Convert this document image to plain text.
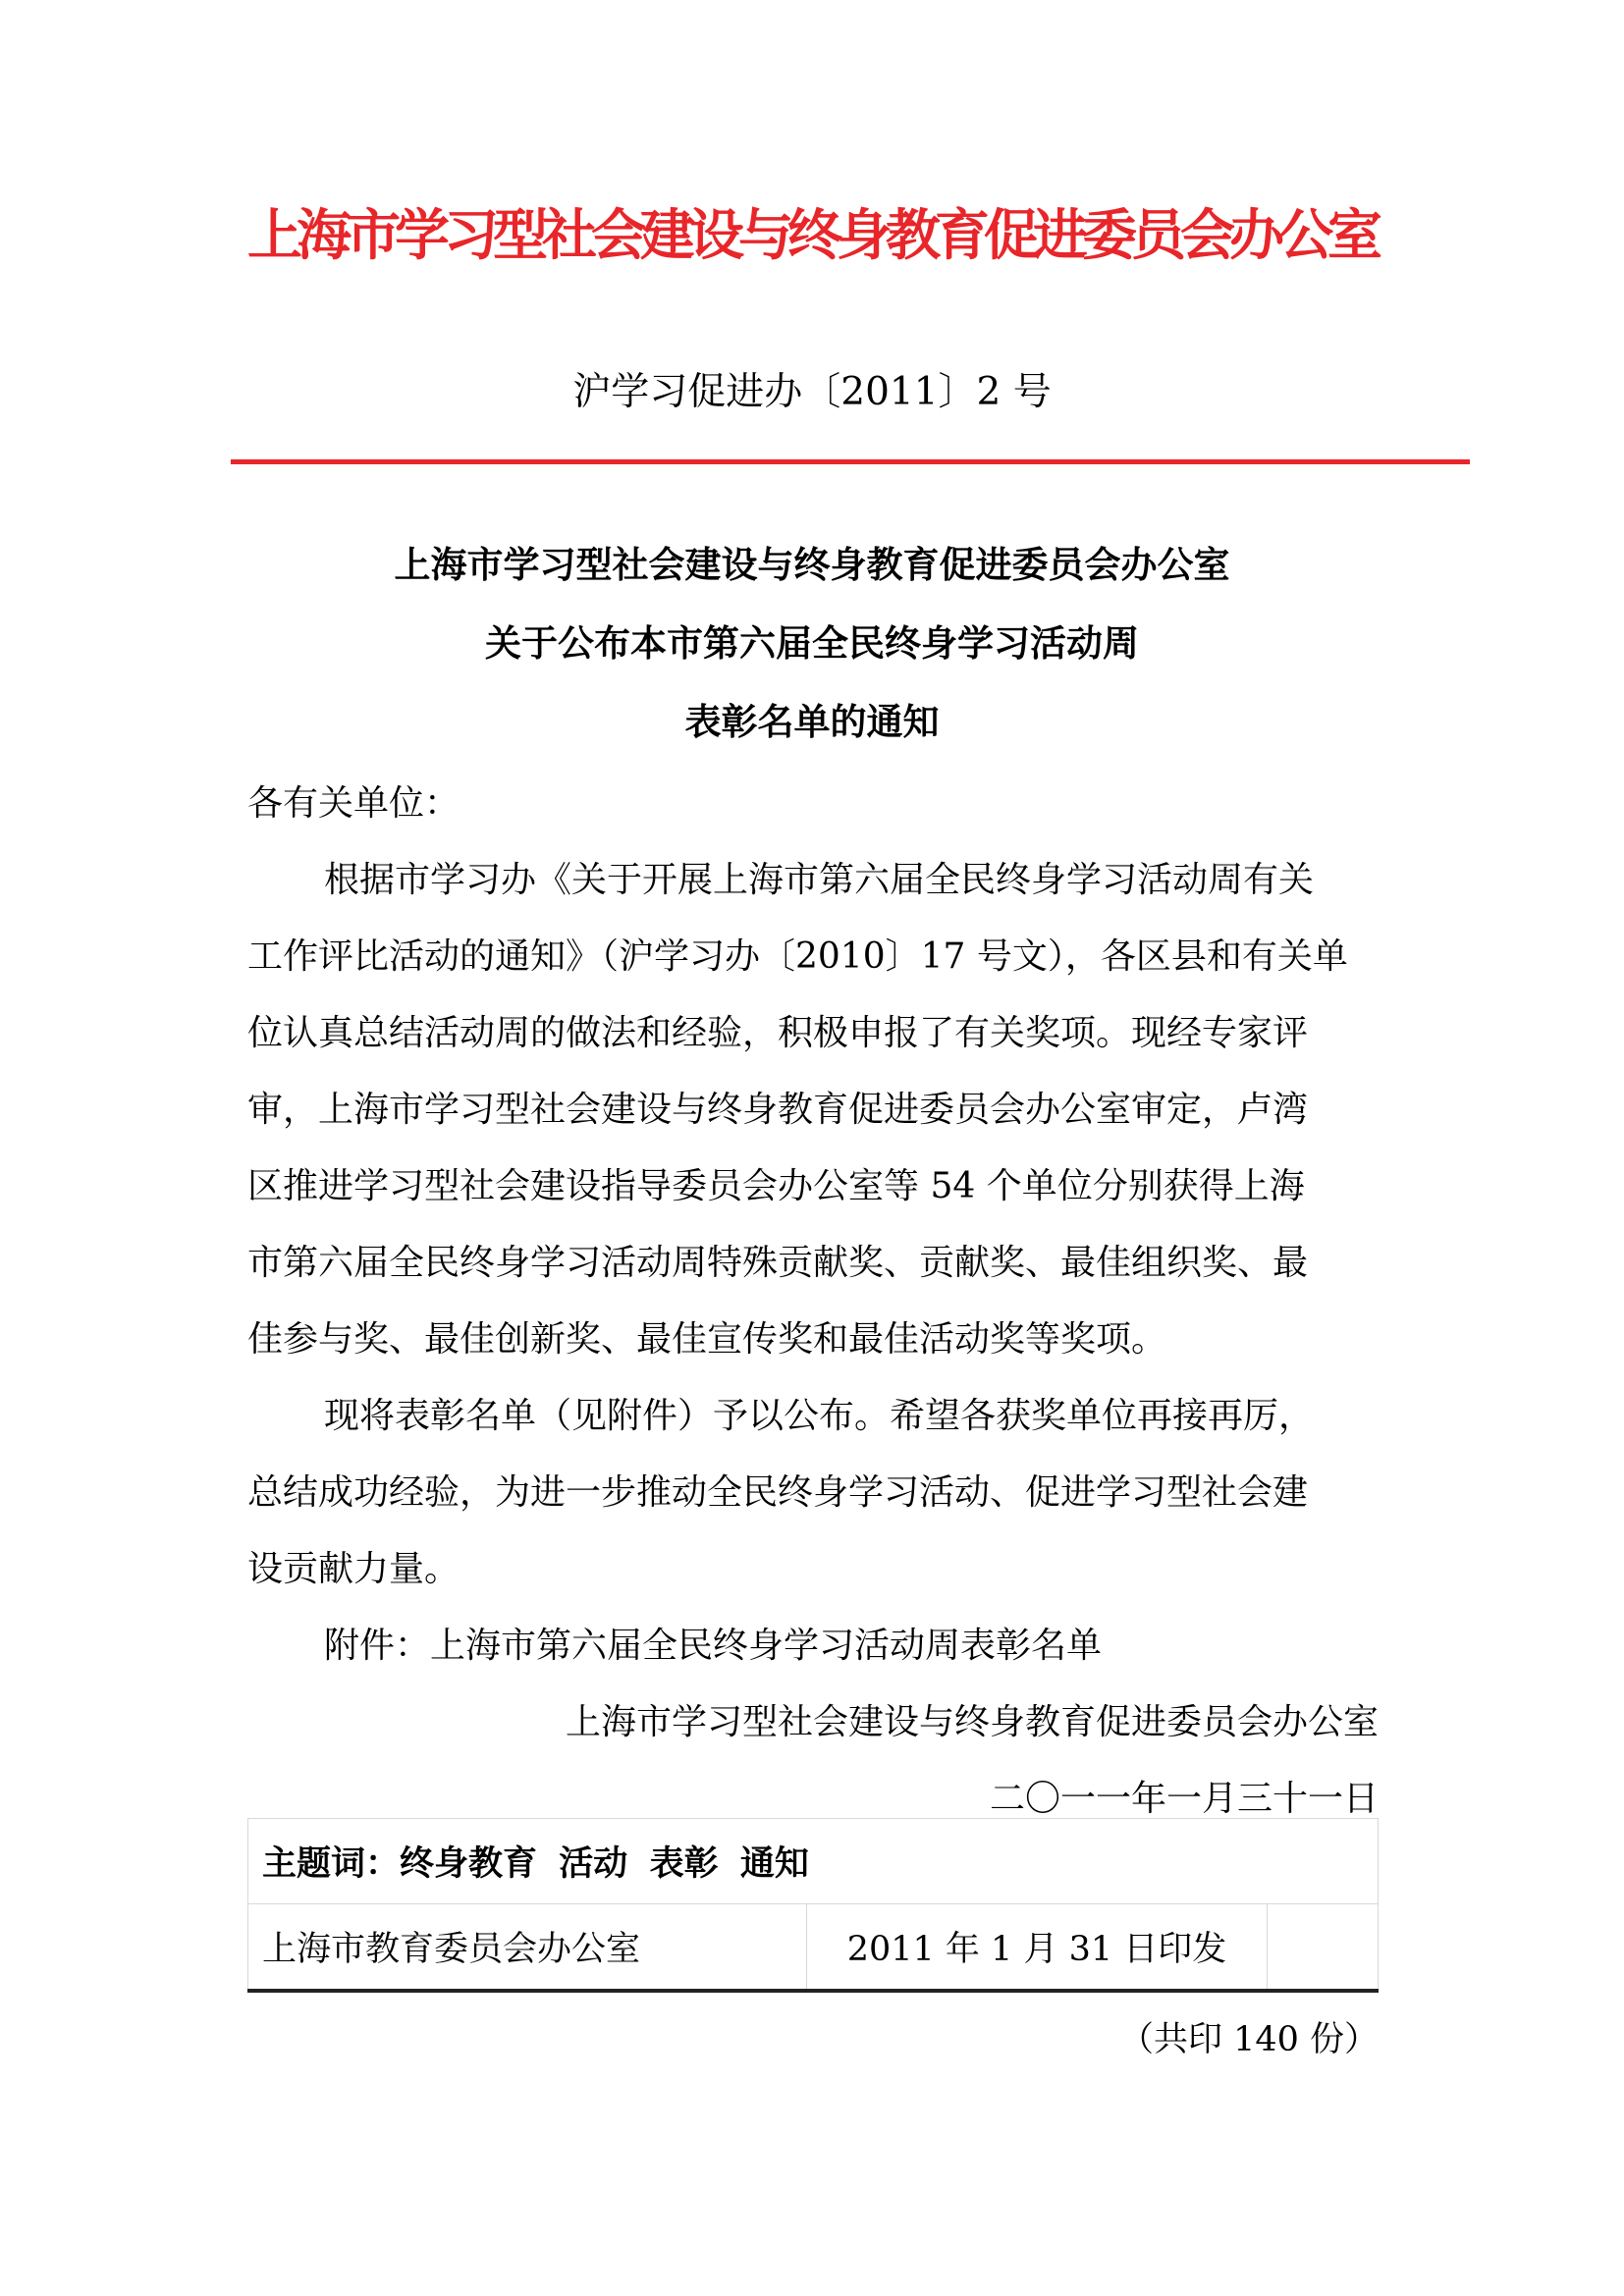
上海市学习型社会建设与终身教育促进委员会办公室
沪学习促进办〔2011〕2 号
上海市学习型社会建设与终身教育促进委员会办公室
关于公布本市第六届全民终身学习活动周
表彰名单的通知

各有关单位：

根据市学习办《关于开展上海市第六届全民终身学习活动周有关

工作评比活动的通知》（沪学习办〔2010〕17 号文），各区县和有关单

位认真总结活动周的做法和经验，积极申报了有关奖项。现经专家评

审，上海市学习型社会建设与终身教育促进委员会办公室审定，卢湾

区推进学习型社会建设指导委员会办公室等 54 个单位分别获得上海

市第六届全民终身学习活动周特殊贡献奖、贡献奖、最佳组织奖、最

佳参与奖、最佳创新奖、最佳宣传奖和最佳活动奖等奖项。

现将表彰名单（见附件）予以公布。希望各获奖单位再接再厉，

总结成功经验，为进一步推动全民终身学习活动、促进学习型社会建

设贡献力量。

附件：上海市第六届全民终身学习活动周表彰名单

上海市学习型社会建设与终身教育促进委员会办公室

二〇一一年一月三十一日

主题词：终身教育 活动 表彰 通知
上海市教育委员会办公室	2011 年 1 月 31 日印发	
（共印 140 份）
